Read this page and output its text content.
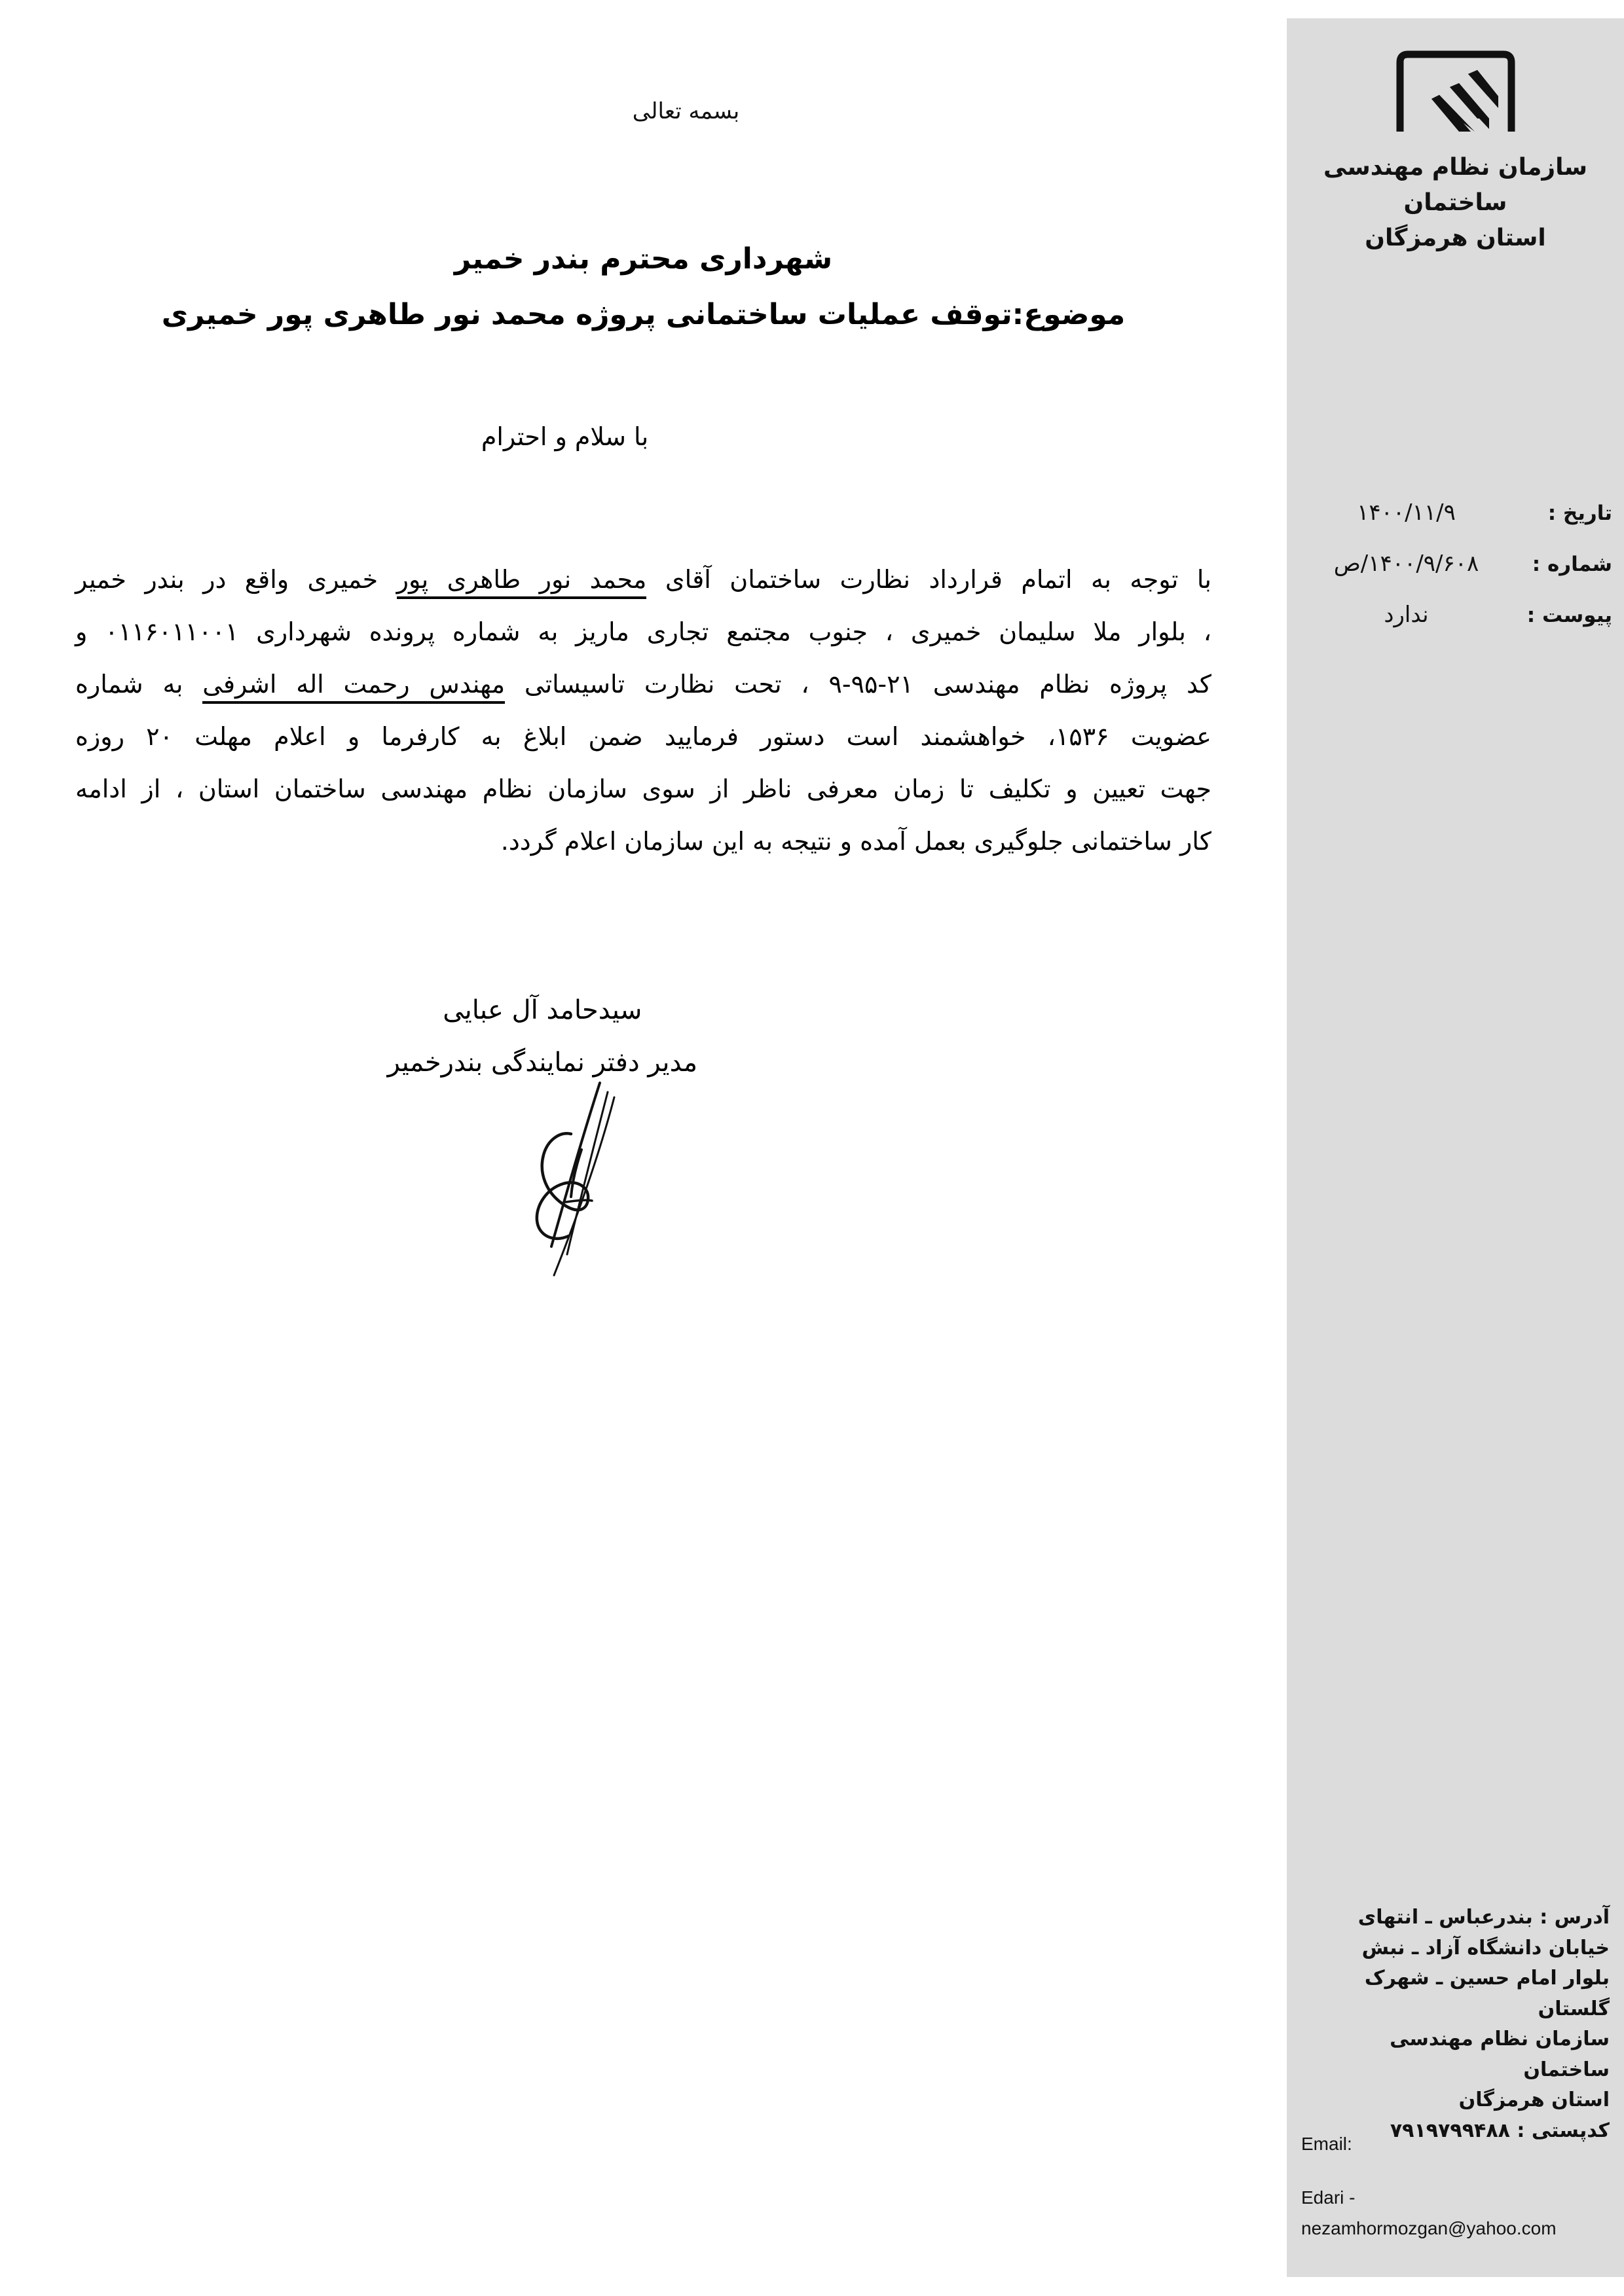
بسمه تعالی
شهرداری محترم بندر خمیر
موضوع:توقف عملیات ساختمانی پروژه محمد نور طاهری پور خمیری
با سلام و احترام
با توجه به اتمام قرارداد نظارت ساختمان آقای محمد نور طاهری پور خمیری واقع در بندر خمیر
، بلوار ملا سلیمان خمیری ، جنوب مجتمع تجاری ماریز به شماره پرونده شهرداری ۰۱۱۶۰۱۱۰۰۱ و
کد پروژه نظام مهندسی ۲۱-۹۵-۹ ، تحت نظارت تاسیساتی مهندس رحمت اله اشرفی به شماره
عضویت ۱۵۳۶، خواهشمند است دستور فرمایید ضمن ابلاغ به کارفرما و اعلام مهلت ۲۰ روزه
جهت تعیین و تکلیف تا زمان معرفی ناظر از سوی سازمان نظام مهندسی ساختمان استان ، از ادامه
کار ساختمانی جلوگیری بعمل آمده و نتیجه به این سازمان اعلام گردد.
سیدحامد آل عبایی
مدیر دفتر نمایندگی بندرخمیر
سازمان نظام مهندسی ساختمان
استان هرمزگان
تاریخ :
۱۴۰۰/۱۱/۹
شماره :
۱۴۰۰/۹/۶۰۸/ص
پیوست :
ندارد
آدرس : بندرعباس ـ انتهای
خیابان دانشگاه آزاد ـ نبش
بلوار امام حسین ـ شهرک
گلستان
سازمان نظام مهندسی ساختمان
استان هرمزگان
کدپستی : ۷۹۱۹۷۹۹۴۸۸
Email:
Edari - nezamhormozgan@yahoo.com
